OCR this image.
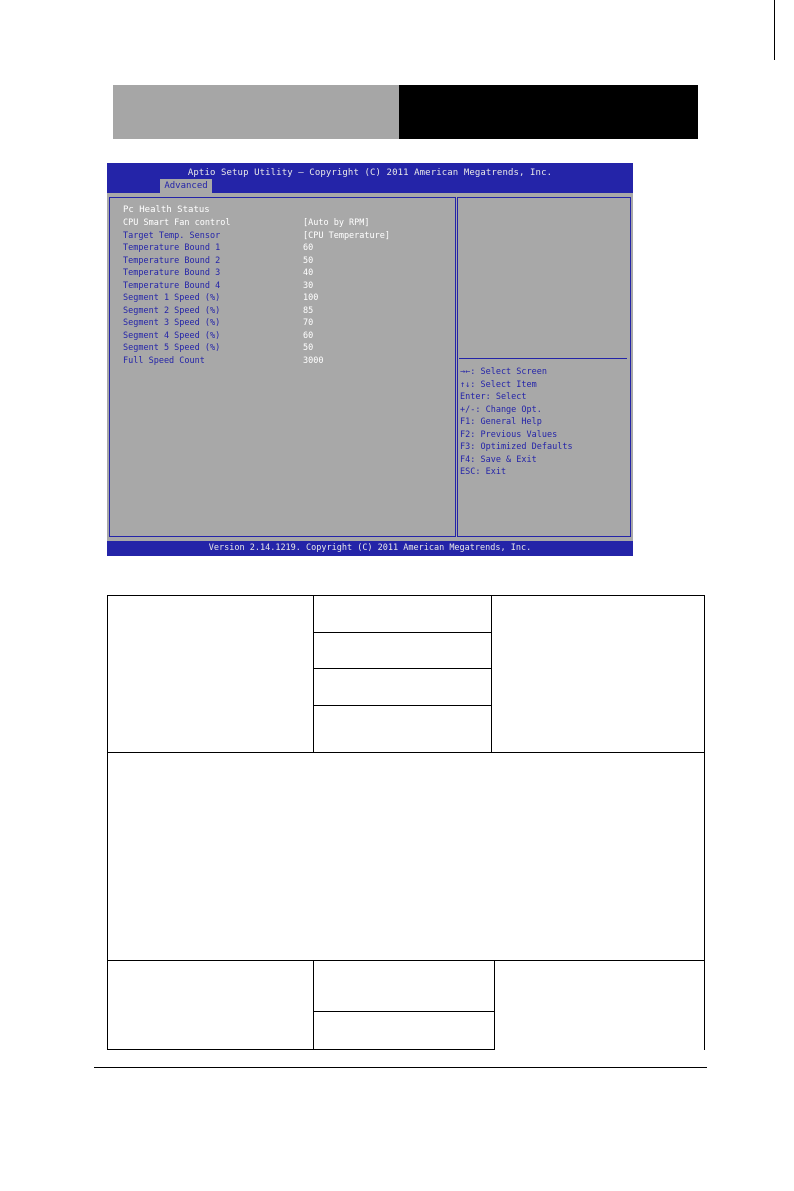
Aptio Setup Utility – Copyright (C) 2011 American Megatrends, Inc.
Advanced
Pc Health Status
CPU Smart Fan control	[Auto by RPM]
Target Temp. Sensor	[CPU Temperature]
Temperature Bound 1	60
Temperature Bound 2	50
Temperature Bound 3	40
Temperature Bound 4	30
Segment 1 Speed (%)	100
Segment 2 Speed (%)	85
Segment 3 Speed (%)	70
Segment 4 Speed (%)	60
Segment 5 Speed (%)	50
Full Speed Count	3000
→←: Select Screen
↑↓: Select Item
Enter: Select
+/-: Change Opt.
F1: General Help
F2: Previous Values
F3: Optimized Defaults
F4: Save & Exit
ESC: Exit
Version 2.14.1219. Copyright (C) 2011 American Megatrends, Inc.
